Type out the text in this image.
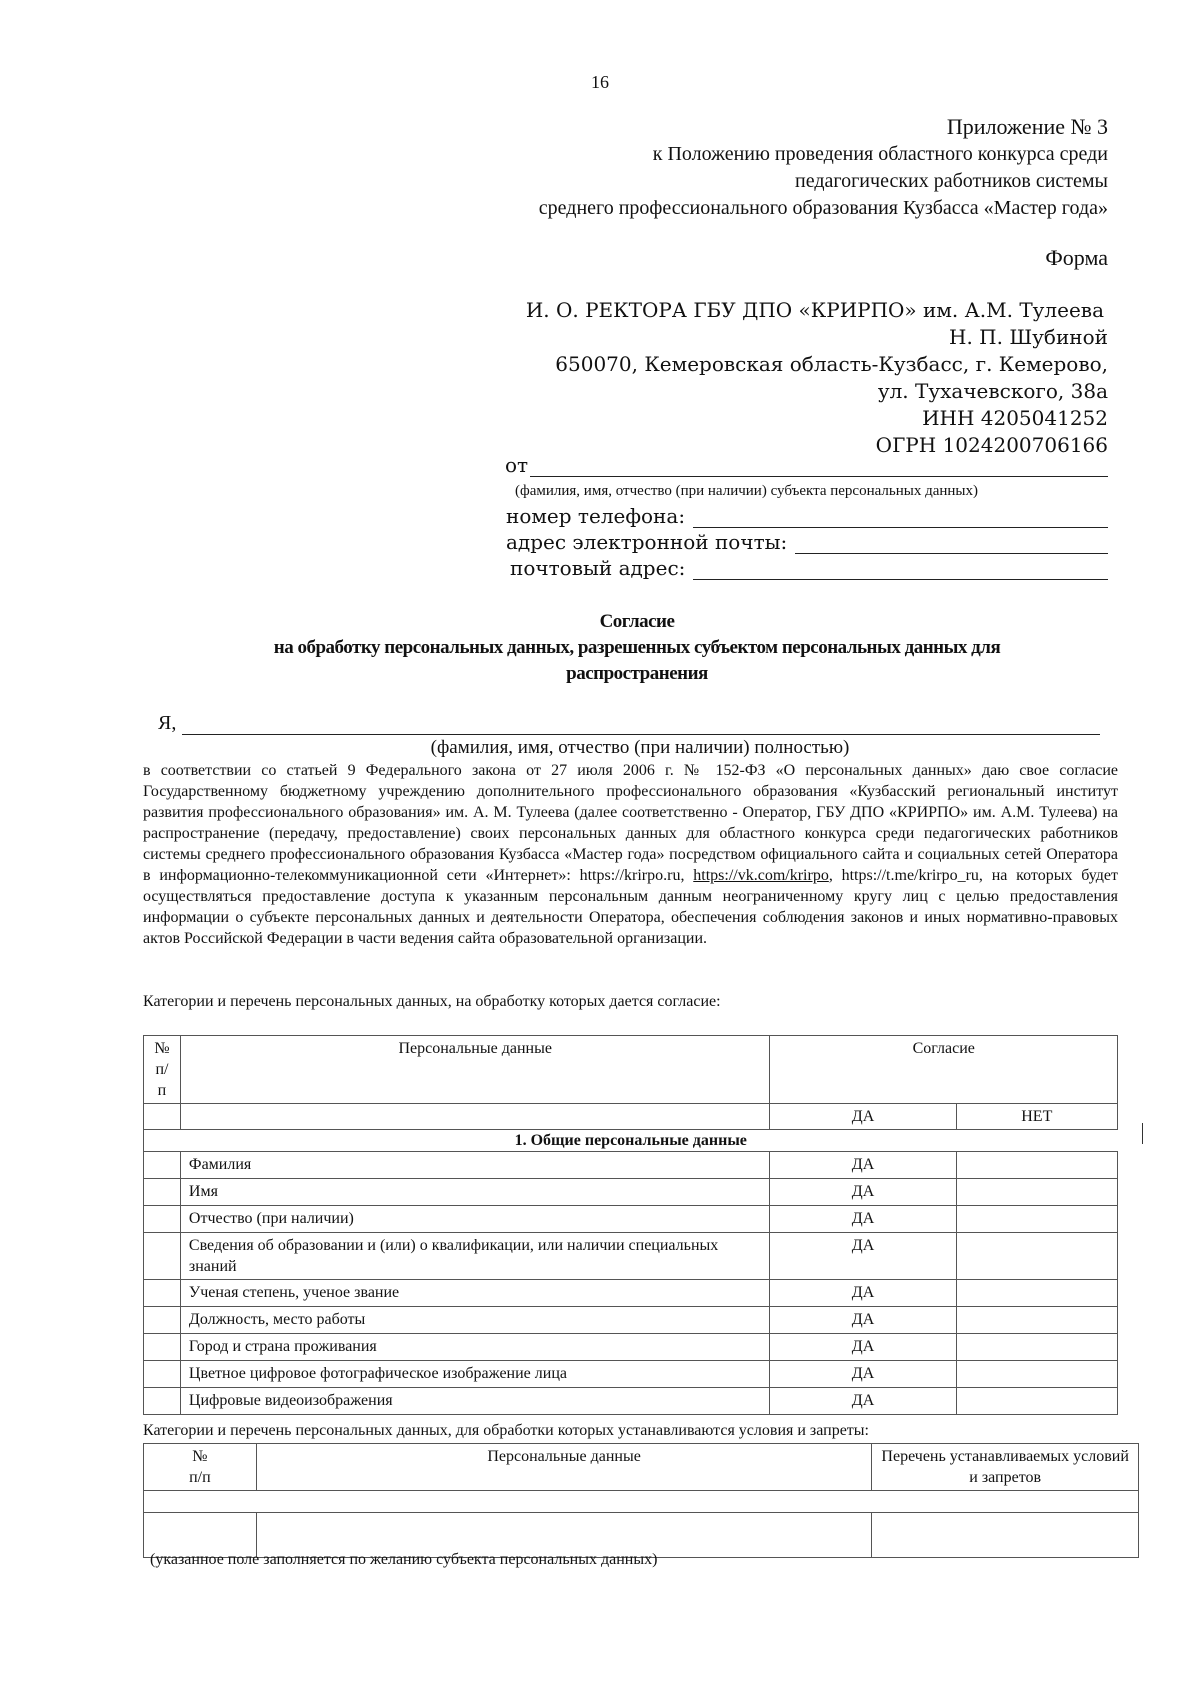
16
Приложение № 3
к Положению проведения областного конкурса среди
педагогических работников системы
среднего профессионального образования Кузбасса «Мастер года»
Форма
И. О. РЕКТОРА ГБУ ДПО «КРИРПО» им. А.М. Тулеева
Н. П. Шубиной
650070, Кемеровская область-Кузбасс, г. Кемерово,
ул. Тухачевского, 38а
ИНН 4205041252
ОГРН 1024200706166
от
(фамилия, имя, отчество (при наличии) субъекта персональных данных)
номер телефона:
адрес электронной почты:
почтовый адрес:
Согласие
на обработку персональных данных, разрешенных субъектом персональных данных для
распространения
Я,
(фамилия, имя, отчество (при наличии) полностью)
в соответствии со статьей 9 Федерального закона от 27 июля 2006 г. № 152-ФЗ «О персональных данных» даю свое согласие Государственному бюджетному учреждению дополнительного профессионального образования «Кузбасский региональный институт развития профессионального образования» им. А. М. Тулеева (далее соответственно - Оператор, ГБУ ДПО «КРИРПО» им. А.М. Тулеева) на распространение (передачу, предоставление) своих персональных данных для областного конкурса среди педагогических работников системы среднего профессионального образования Кузбасса «Мастер года» посредством официального сайта и социальных сетей Оператора в информационно-телекоммуникационной сети «Интернет»: https://krirpo.ru, https://vk.com/krirpo, https://t.me/krirpo_ru, на которых будет осуществляться предоставление доступа к указанным персональным данным неограниченному кругу лиц с целью предоставления информации о субъекте персональных данных и деятельности Оператора, обеспечения соблюдения законов и иных нормативно-правовых актов Российской Федерации в части ведения сайта образовательной организации.
Категории и перечень персональных данных, на обработку которых дается согласие:
№
п/
п	Персональные данные	Согласие	
		ДА	НЕТ
1. Общие персональные данные			
	Фамилия	ДА	
	Имя	ДА	
	Отчество (при наличии)	ДА	
	Сведения об образовании и (или) о квалификации, или наличии специальных знаний	ДА	
	Ученая степень, ученое звание	ДА	
	Должность, место работы	ДА	
	Город и страна проживания	ДА	
	Цветное цифровое фотографическое изображение лица	ДА	
	Цифровые видеоизображения	ДА	
Категории и перечень персональных данных, для обработки которых устанавливаются условия и запреты:
№
п/п	Персональные данные	Перечень устанавливаемых условий и запретов

(указанное поле заполняется по желанию субъекта персональных данных)
